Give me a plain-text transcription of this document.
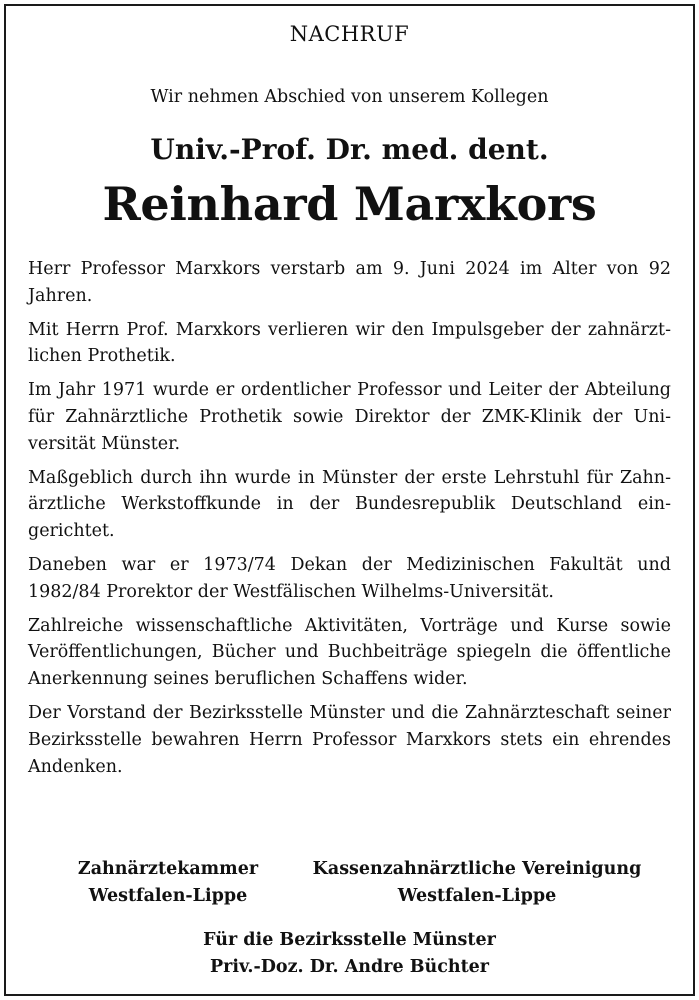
NACHRUF
Wir nehmen Abschied von unserem Kollegen
Univ.-Prof. Dr. med. dent.
Reinhard Marxkors

Herr Professor Marxkors verstarb am 9. Juni 2024 im Alter von 92 Jahren.

Mit Herrn Prof. Marxkors verlieren wir den Impulsgeber der zahnärztlichen Prothetik.

Im Jahr 1971 wurde er ordentlicher Professor und Leiter der Abteilung für Zahnärztliche Prothetik sowie Direktor der ZMK-Klinik der Universität Münster.

Maßgeblich durch ihn wurde in Münster der erste Lehrstuhl für Zahnärztliche Werkstoffkunde in der Bundesrepublik Deutschland eingerichtet.

Daneben war er 1973/74 Dekan der Medizinischen Fakultät und 1982/84 Prorektor der Westfälischen Wilhelms-Universität.

Zahlreiche wissenschaftliche Aktivitäten, Vorträge und Kurse sowie Veröffentlichungen, Bücher und Buchbeiträge spiegeln die öffentliche Anerkennung seines beruflichen Schaffens wider.

Der Vorstand der Bezirksstelle Münster und die Zahnärzteschaft seiner Bezirksstelle bewahren Herrn Professor Marxkors stets ein ehrendes Andenken.

Zahnärztekammer
Westfalen-Lippe
Kassenzahnärztliche Vereinigung
Westfalen-Lippe
Für die Bezirksstelle Münster
Priv.-Doz. Dr. Andre Büchter
